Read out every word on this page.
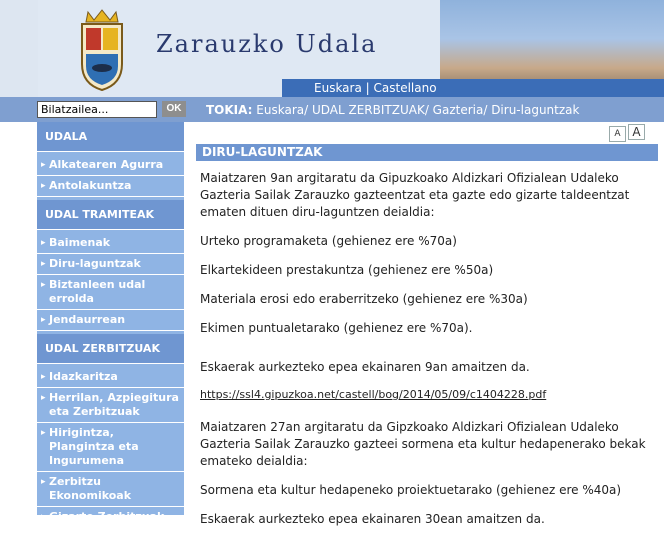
Zarauzko Udala
Euskara | Castellano
Bilatzailea...
OK	TOKIA: Euskara/ UDAL ZERBITZUAK/ Gazteria/ Diru-laguntzak
UDALA
▸ Alkatearen Agurra
▸ Antolakuntza
UDAL TRAMITEAK
▸ Baimenak
▸ Diru-laguntzak
▸ Biztanleen udal errolda
▸ Jendaurrean
UDAL ZERBITZUAK
▸ Idazkaritza
▸ Herrilan, Azpiegitura eta Zerbitzuak
▸ Hirigintza, Plangintza eta Ingurumena
▸ Zerbitzu Ekonomikoak
▸ Gizarte Zerbitzuak
▸ Udaltzaingoa
A A
DIRU-LAGUNTZAK

Maiatzaren 9an argitaratu da Gipuzkoako Aldizkari Ofizialean Udaleko Gazteria Sailak Zarauzko gazteentzat eta gazte edo gizarte taldeentzat ematen dituen diru-laguntzen deialdia:

Urteko programaketa (gehienez ere %70a)

Elkartekideen prestakuntza (gehienez ere %50a)

Materiala erosi edo eraberritzeko (gehienez ere %30a)

Ekimen puntualetarako (gehienez ere %70a).

Eskaerak aurkezteko epea ekainaren 9an amaitzen da.

https://ssl4.gipuzkoa.net/castell/bog/2014/05/09/c1404228.pdf

Maiatzaren 27an argitaratu da Gipzkoako Aldizkari Ofizialean Udaleko Gazteria Sailak Zarauzko gazteei sormena eta kultur hedapenerako bekak emateko deialdia:

Sormena eta kultur hedapeneko proiektuetarako (gehienez ere %40a)

Eskaerak aurkezteko epea ekainaren 30ean amaitzen da.
